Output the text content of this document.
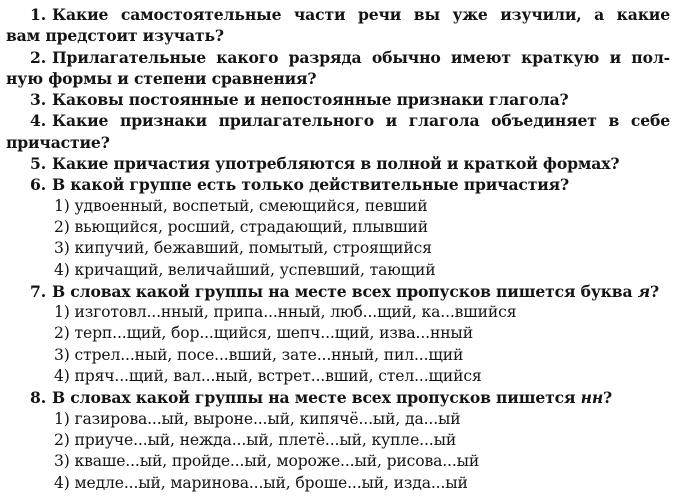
1. Какие самостоятельные части речи вы уже изучили, а какие
вам предстоит изучать?
2. Прилагательные какого разряда обычно имеют краткую и пол-
ную формы и степени сравнения?
3. Каковы постоянные и непостоянные признаки глагола?
4. Какие признаки прилагательного и глагола объединяет в себе
причастие?
5. Какие причастия употребляются в полной и краткой формах?
6. В какой группе есть только действительные причастия?
1) удвоенный, воспетый, смеющийся, певший
2) вьющийся, росший, страдающий, плывший
3) кипучий, бежавший, помытый, строящийся
4) кричащий, величайший, успевший, тающий
7. В словах какой группы на месте всех пропусков пишется буква я?
1) изготовл...нный, припа...нный, люб...щий, ка...вшийся
2) терп...щий, бор...щийся, шепч...щий, изва...нный
3) стрел...ный, посе...вший, зате...нный, пил...щий
4) пряч...щий, вал...ный, встрет...вший, стел...щийся
8. В словах какой группы на месте всех пропусков пишется нн?
1) газирова...ый, выроне...ый, кипячё...ый, да...ый
2) приуче...ый, нежда...ый, плетё...ый, купле...ый
3) кваше...ый, пройде...ый, мороже...ый, рисова...ый
4) медле...ый, маринова...ый, броше...ый, изда...ый
